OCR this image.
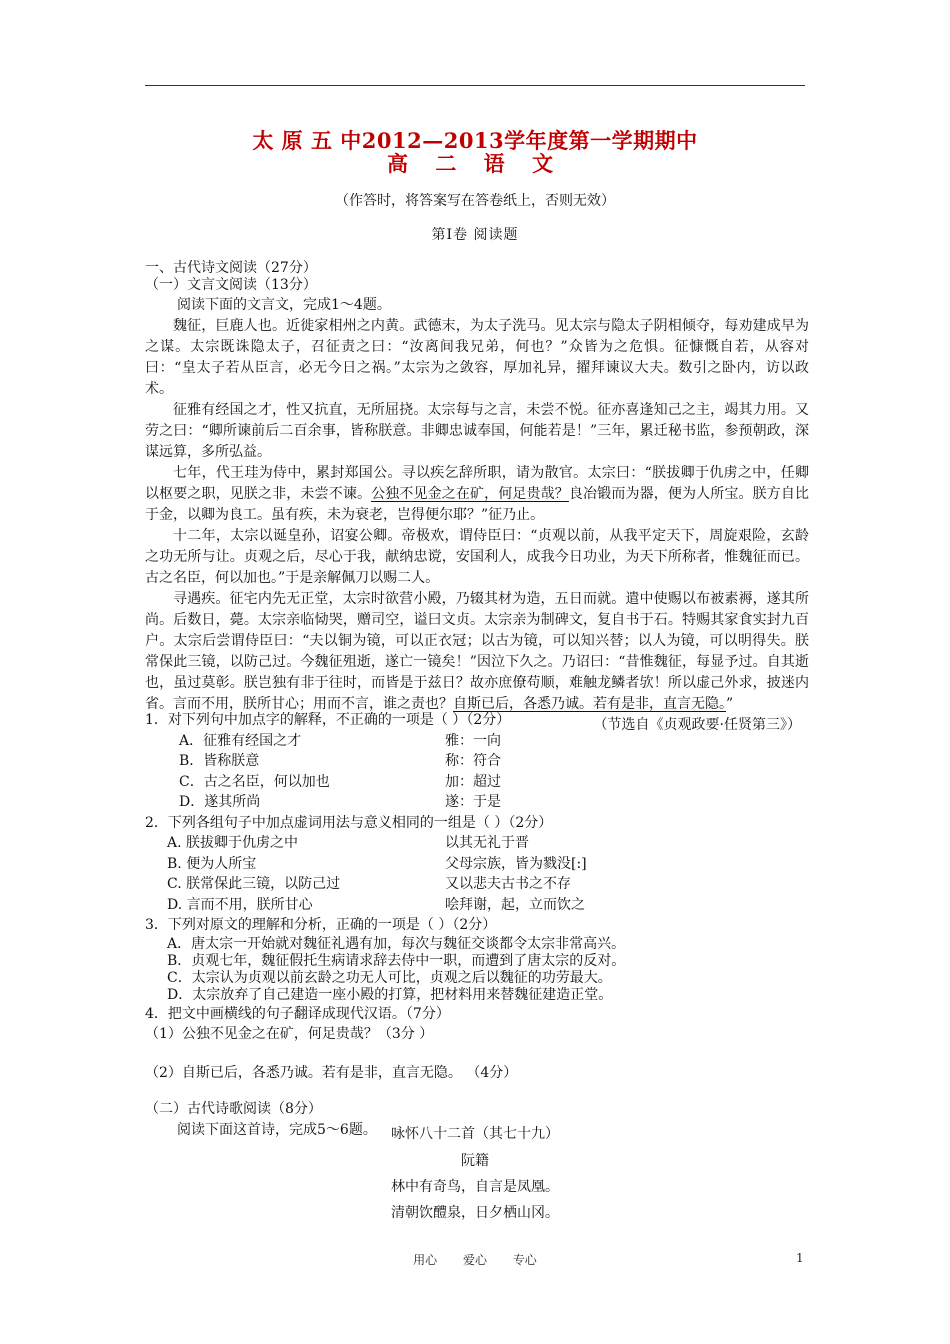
太 原 五 中2012—2013学年度第一学期期中
高 二 语 文
（作答时，将答案写在答卷纸上，否则无效）
第Ⅰ卷 阅读题
一、古代诗文阅读（27分）
（一）文言文阅读（13分）
阅读下面的文言文，完成1～4题。
魏征，巨鹿人也。近徙家相州之内黄。武德末，为太子洗马。见太宗与隐太子阴相倾夺，每劝建成早为之谋。太宗既诛隐太子，召征责之曰：“汝离间我兄弟，何也？”众皆为之危惧。征慷慨自若，从容对曰：“皇太子若从臣言，必无今日之祸。”太宗为之敛容，厚加礼异，擢拜谏议大夫。数引之卧内，访以政术。
征雅有经国之才，性又抗直，无所屈挠。太宗每与之言，未尝不悦。征亦喜逢知己之主，竭其力用。又劳之曰：“卿所谏前后二百余事，皆称朕意。非卿忠诚奉国，何能若是！”三年，累迁秘书监，参预朝政，深谋远算，多所弘益。
七年，代王珪为侍中，累封郑国公。寻以疾乞辞所职，请为散官。太宗曰：“朕拔卿于仇虏之中，任卿以枢要之职，见朕之非，未尝不谏。公独不见金之在矿，何足贵哉？良冶锻而为器，便为人所宝。朕方自比于金，以卿为良工。虽有疾，未为衰老，岂得便尔耶？”征乃止。
十二年，太宗以诞皇孙，诏宴公卿。帝极欢，谓侍臣曰：“贞观以前，从我平定天下，周旋艰险，玄龄之功无所与让。贞观之后，尽心于我，献纳忠谠，安国利人，成我今日功业，为天下所称者，惟魏征而已。古之名臣，何以加也。”于是亲解佩刀以赐二人。
寻遇疾。征宅内先无正堂，太宗时欲营小殿，乃辍其材为造，五日而就。遣中使赐以布被素褥，遂其所尚。后数日，薨。太宗亲临恸哭，赠司空，谥曰文贞。太宗亲为制碑文，复自书于石。特赐其家食实封九百户。太宗后尝谓侍臣曰：“夫以铜为镜，可以正衣冠；以古为镜，可以知兴替；以人为镜，可以明得失。朕常保此三镜，以防己过。今魏征殂逝，遂亡一镜矣！”因泣下久之。乃诏曰：“昔惟魏征，每显予过。自其逝也，虽过莫彰。朕岂独有非于往时，而皆是于兹日？故亦庶僚苟顺，难触龙鳞者欤！所以虚己外求，披迷内省。言而不用，朕所甘心；用而不言，谁之责也？自斯已后，各悉乃诚。若有是非，直言无隐。”
（节选自《贞观政要·任贤第三》）
1．对下列句中加点字的解释，不正确的一项是（ ）（2分）
A．征雅有经国之才	雅：一向
B．皆称朕意	称：符合
C．古之名臣，何以加也	加：超过
D．遂其所尚	遂：于是
2．下列各组句子中加点虚词用法与意义相同的一组是（ ）（2分）
A. 朕拔卿于仇虏之中	以其无礼于晋
B. 便为人所宝	父母宗族，皆为戮没[:]
C. 朕常保此三镜，以防己过	又以悲夫古书之不存
D. 言而不用，朕所甘心	哙拜谢，起，立而饮之
3．下列对原文的理解和分析，正确的一项是（ ）（2分）
A．唐太宗一开始就对魏征礼遇有加，每次与魏征交谈都令太宗非常高兴。
B．贞观七年，魏征假托生病请求辞去侍中一职，而遭到了唐太宗的反对。
C．太宗认为贞观以前玄龄之功无人可比，贞观之后以魏征的功劳最大。
D．太宗放弃了自己建造一座小殿的打算，把材料用来替魏征建造正堂。
4．把文中画横线的句子翻译成现代汉语。（7分）
（1）公独不见金之在矿，何足贵哉？（3分 ）
（2）自斯已后，各悉乃诚。若有是非，直言无隐。 （4分）
（二）古代诗歌阅读（8分）
阅读下面这首诗，完成5～6题。	咏怀八十二首（其七十九）
阮籍
林中有奇鸟，自言是凤凰。
清朝饮醴泉，日夕栖山冈。
用心 爱心 专心	1
